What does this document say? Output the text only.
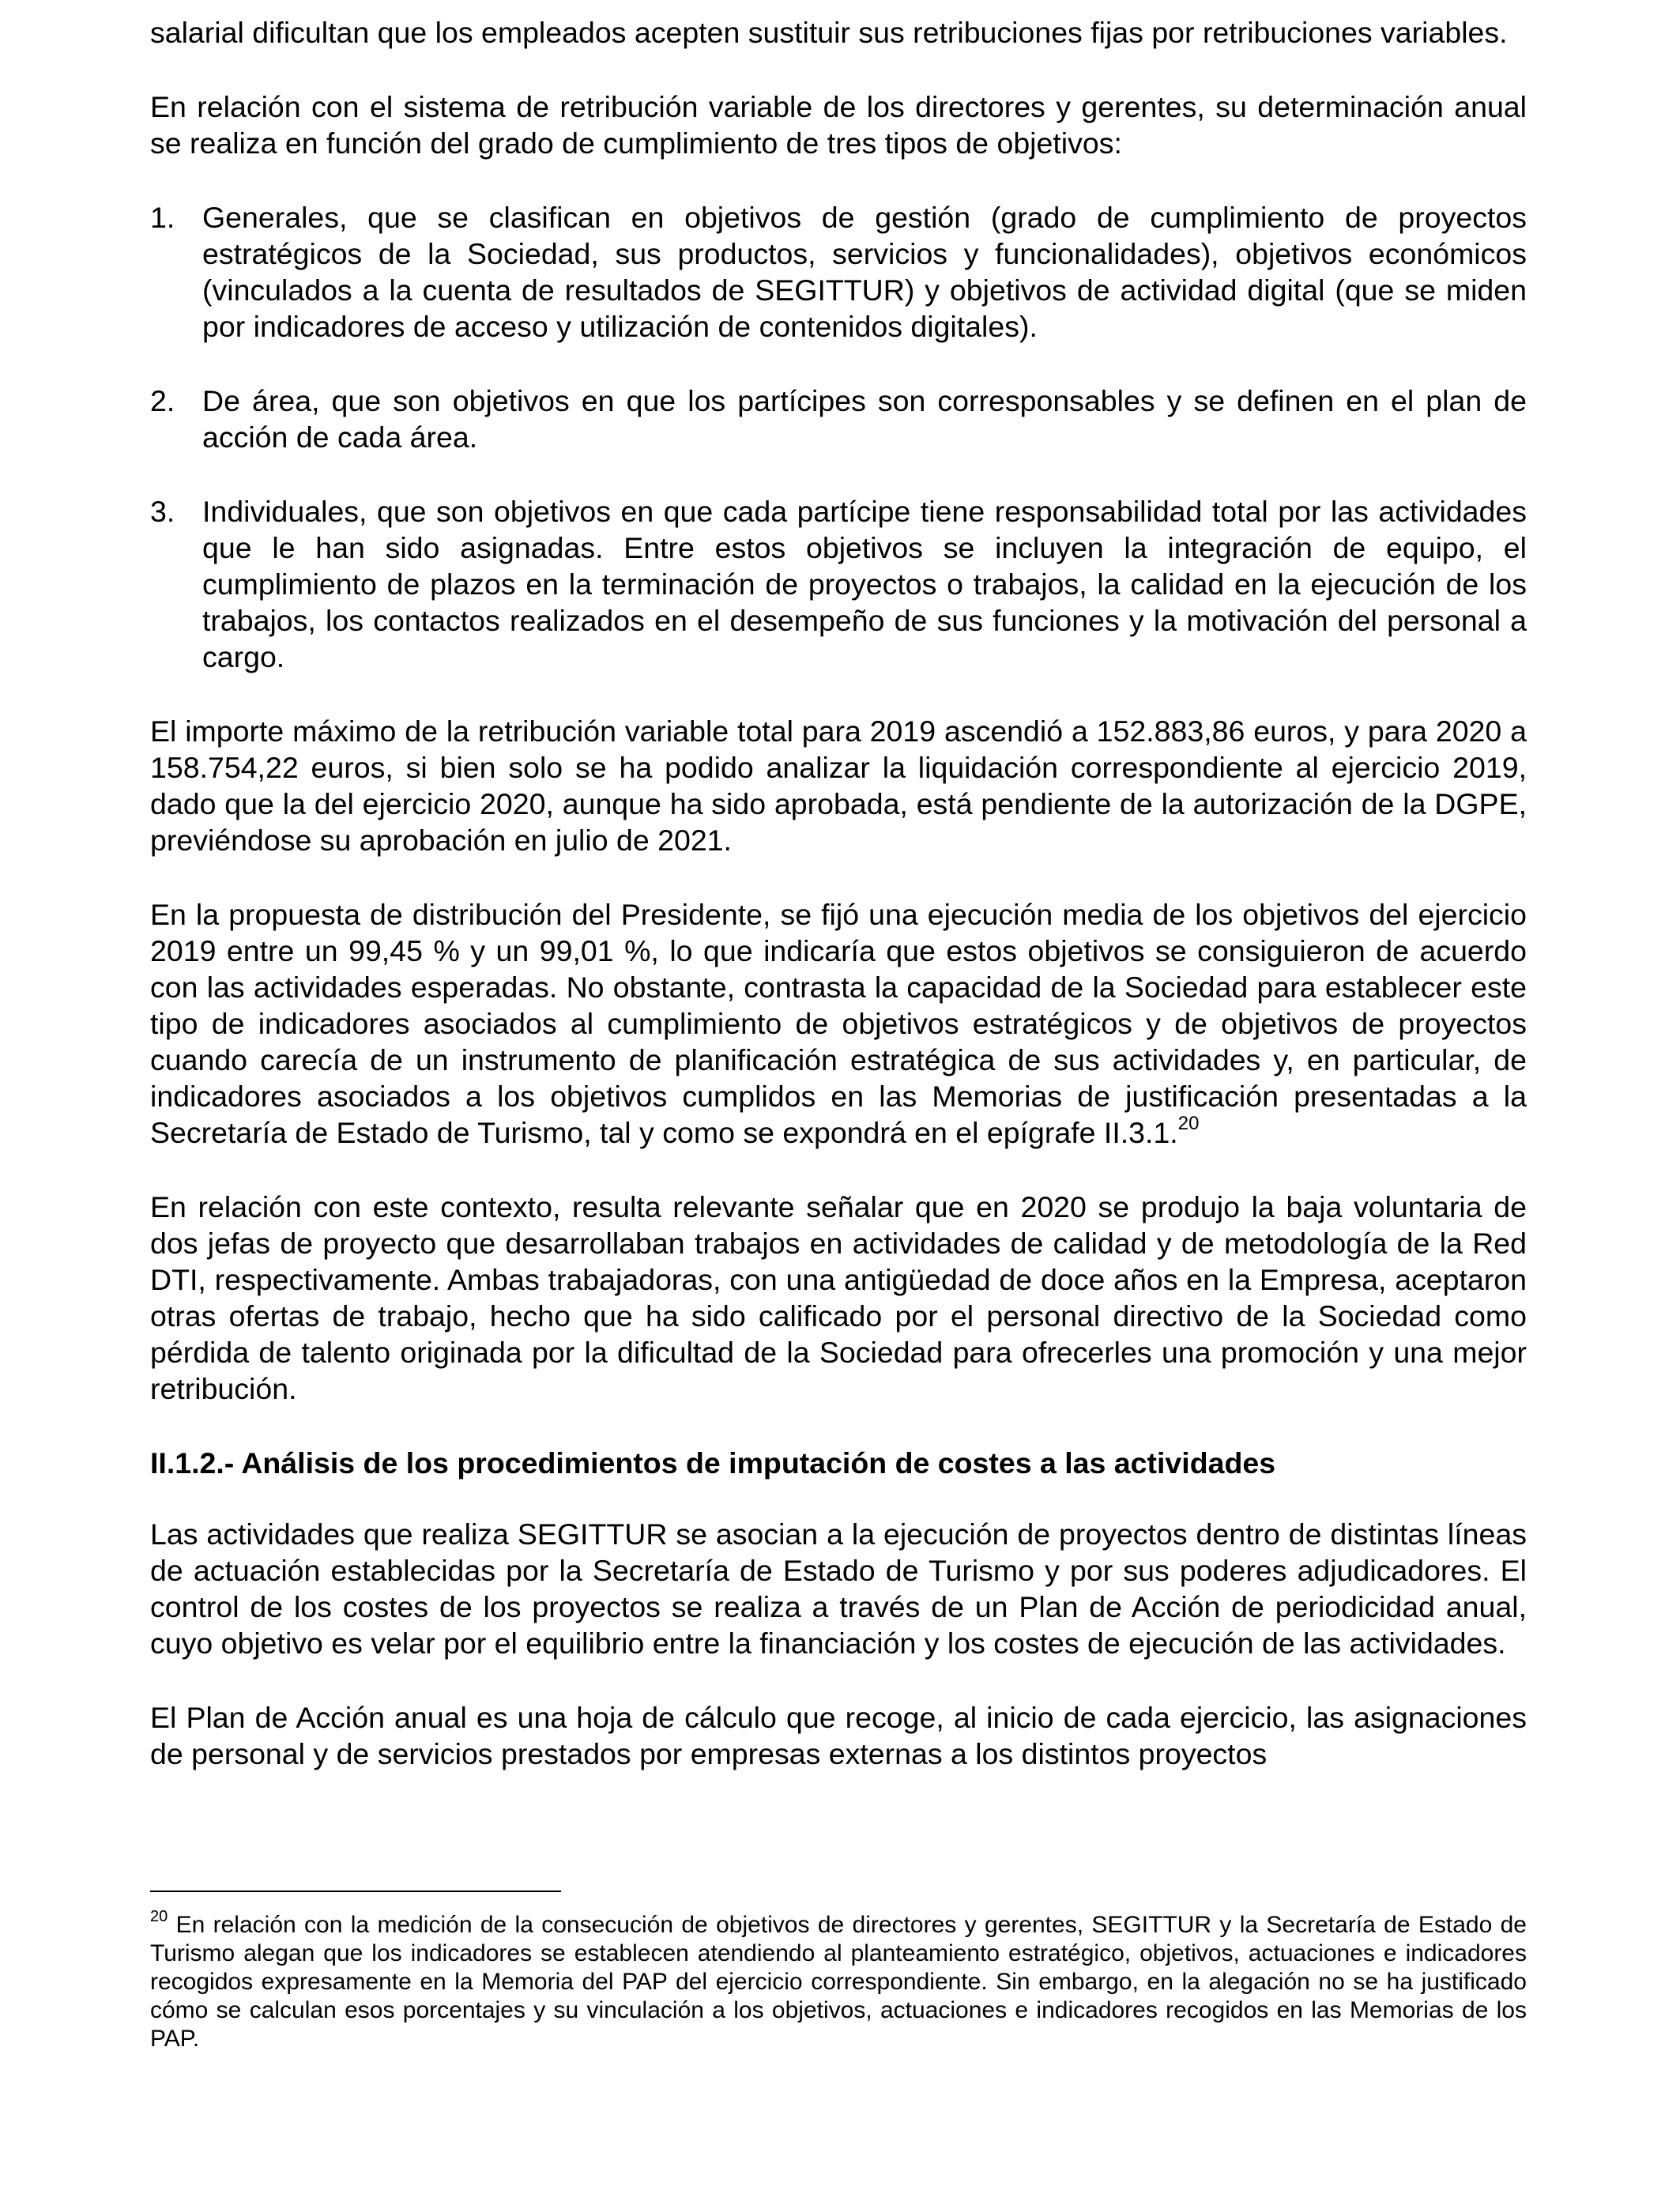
salarial dificultan que los empleados acepten sustituir sus retribuciones fijas por retribuciones variables.

En relación con el sistema de retribución variable de los directores y gerentes, su determinación anual se realiza en función del grado de cumplimiento de tres tipos de objetivos:

1. Generales, que se clasifican en objetivos de gestión (grado de cumplimiento de proyectos estratégicos de la Sociedad, sus productos, servicios y funcionalidades), objetivos económicos (vinculados a la cuenta de resultados de SEGITTUR) y objetivos de actividad digital (que se miden por indicadores de acceso y utilización de contenidos digitales).

2. De área, que son objetivos en que los partícipes son corresponsables y se definen en el plan de acción de cada área.

3. Individuales, que son objetivos en que cada partícipe tiene responsabilidad total por las actividades que le han sido asignadas. Entre estos objetivos se incluyen la integración de equipo, el cumplimiento de plazos en la terminación de proyectos o trabajos, la calidad en la ejecución de los trabajos, los contactos realizados en el desempeño de sus funciones y la motivación del personal a cargo.

El importe máximo de la retribución variable total para 2019 ascendió a 152.883,86 euros, y para 2020 a 158.754,22 euros, si bien solo se ha podido analizar la liquidación correspondiente al ejercicio 2019, dado que la del ejercicio 2020, aunque ha sido aprobada, está pendiente de la autorización de la DGPE, previéndose su aprobación en julio de 2021.

En la propuesta de distribución del Presidente, se fijó una ejecución media de los objetivos del ejercicio 2019 entre un 99,45 % y un 99,01 %, lo que indicaría que estos objetivos se consiguieron de acuerdo con las actividades esperadas. No obstante, contrasta la capacidad de la Sociedad para establecer este tipo de indicadores asociados al cumplimiento de objetivos estratégicos y de objetivos de proyectos cuando carecía de un instrumento de planificación estratégica de sus actividades y, en particular, de indicadores asociados a los objetivos cumplidos en las Memorias de justificación presentadas a la Secretaría de Estado de Turismo, tal y como se expondrá en el epígrafe II.3.1.20

En relación con este contexto, resulta relevante señalar que en 2020 se produjo la baja voluntaria de dos jefas de proyecto que desarrollaban trabajos en actividades de calidad y de metodología de la Red DTI, respectivamente. Ambas trabajadoras, con una antigüedad de doce años en la Empresa, aceptaron otras ofertas de trabajo, hecho que ha sido calificado por el personal directivo de la Sociedad como pérdida de talento originada por la dificultad de la Sociedad para ofrecerles una promoción y una mejor retribución.

II.1.2.- Análisis de los procedimientos de imputación de costes a las actividades

Las actividades que realiza SEGITTUR se asocian a la ejecución de proyectos dentro de distintas líneas de actuación establecidas por la Secretaría de Estado de Turismo y por sus poderes adjudicadores. El control de los costes de los proyectos se realiza a través de un Plan de Acción de periodicidad anual, cuyo objetivo es velar por el equilibrio entre la financiación y los costes de ejecución de las actividades.

El Plan de Acción anual es una hoja de cálculo que recoge, al inicio de cada ejercicio, las asignaciones de personal y de servicios prestados por empresas externas a los distintos proyectos

$^{20}$ En relación con la medición de la consecución de objetivos de directores y gerentes, SEGITTUR y la Secretaría de Estado de Turismo alegan que los indicadores se establecen atendiendo al planteamiento estratégico, objetivos, actuaciones e indicadores recogidos expresamente en la Memoria del PAP del ejercicio correspondiente. Sin embargo, en la alegación no se ha justificado cómo se calculan esos porcentajes y su vinculación a los objetivos, actuaciones e indicadores recogidos en las Memorias de los PAP.
